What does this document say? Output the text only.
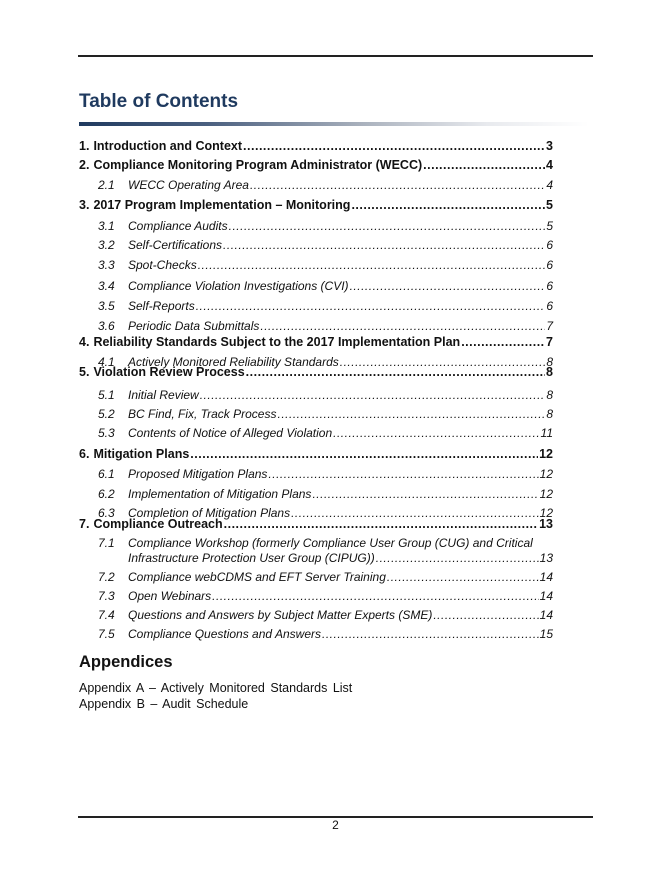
Table of Contents
1. Introduction and Context .....	3
2. Compliance Monitoring Program Administrator (WECC) .....	4
2.1	WECC Operating Area .....	4
3. 2017 Program Implementation – Monitoring .....	5
3.1	Compliance Audits .....	5
3.2	Self-Certifications .....	6
3.3	Spot-Checks .....	6
3.4	Compliance Violation Investigations (CVI) .....	6
3.5	Self-Reports .....	6
3.6	Periodic Data Submittals .....	7
4. Reliability Standards Subject to the 2017 Implementation Plan .....	7
4.1	Actively Monitored Reliability Standards .....	8
5. Violation Review Process .....	8
5.1	Initial Review .....	8
5.2	BC Find, Fix, Track Process .....	8
5.3	Contents of Notice of Alleged Violation .....	11
6. Mitigation Plans .....	12
6.1	Proposed Mitigation Plans .....	12
6.2	Implementation of Mitigation Plans .....	12
6.3	Completion of Mitigation Plans .....	12
7. Compliance Outreach .....	13
7.1	Compliance Workshop (formerly Compliance User Group (CUG) and Critical
Infrastructure Protection User Group (CIPUG)) .....	13
7.2	Compliance webCDMS and EFT Server Training .....	14
7.3	Open Webinars .....	14
7.4	Questions and Answers by Subject Matter Experts (SME) .....	14
7.5	Compliance Questions and Answers .....	15
Appendices
Appendix A – Actively Monitored Standards List
Appendix B – Audit Schedule
2
